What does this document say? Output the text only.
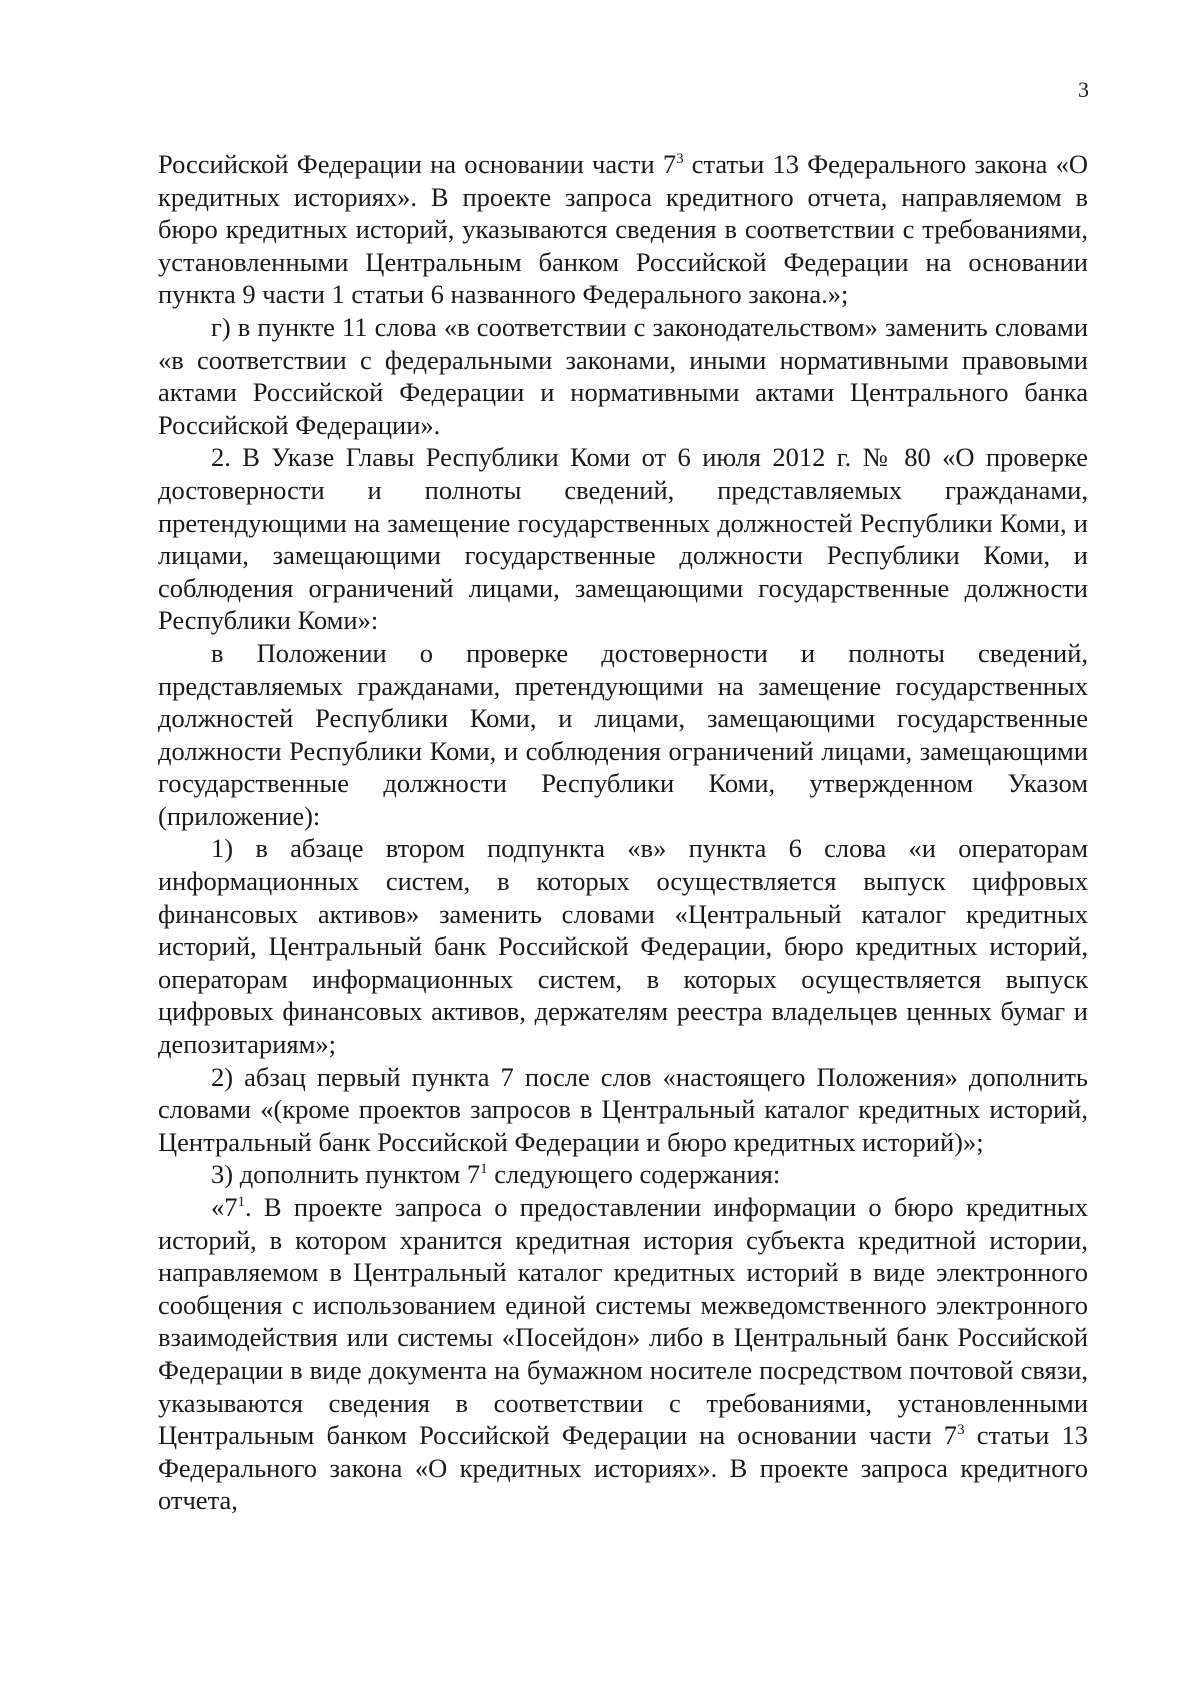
3

Российской Федерации на основании части $7^3$ статьи 13 Федерального закона «О кредитных историях». В проекте запроса кредитного отчета, направляемом в бюро кредитных историй, указываются сведения в соответствии с требованиями, установленными Центральным банком Российской Федерации на основании пункта 9 части 1 статьи 6 названного Федерального закона.»;

г) в пункте 11 слова «в соответствии с законодательством» заменить словами «в соответствии с федеральными законами, иными нормативными правовыми актами Российской Федерации и нормативными актами Центрального банка Российской Федерации».

2. В Указе Главы Республики Коми от 6 июля 2012 г. № 80 «О проверке достоверности и полноты сведений, представляемых гражданами, претендующими на замещение государственных должностей Республики Коми, и лицами, замещающими государственные должности Республики Коми, и соблюдения ограничений лицами, замещающими государственные должности Республики Коми»:

в Положении о проверке достоверности и полноты сведений, представляемых гражданами, претендующими на замещение государственных должностей Республики Коми, и лицами, замещающими государственные должности Республики Коми, и соблюдения ограничений лицами, замещающими государственные должности Республики Коми, утвержденном Указом (приложение):

1) в абзаце втором подпункта «в» пункта 6 слова «и операторам информационных систем, в которых осуществляется выпуск цифровых финансовых активов» заменить словами «Центральный каталог кредитных историй, Центральный банк Российской Федерации, бюро кредитных историй, операторам информационных систем, в которых осуществляется выпуск цифровых финансовых активов, держателям реестра владельцев ценных бумаг и депозитариям»;

2) абзац первый пункта 7 после слов «настоящего Положения» дополнить словами «(кроме проектов запросов в Центральный каталог кредитных историй, Центральный банк Российской Федерации и бюро кредитных историй)»;

3) дополнить пунктом $7^1$ следующего содержания:

«$7^1$. В проекте запроса о предоставлении информации о бюро кредитных историй, в котором хранится кредитная история субъекта кредитной истории, направляемом в Центральный каталог кредитных историй в виде электронного сообщения с использованием единой системы межведомственного электронного взаимодействия или системы «Посейдон» либо в Центральный банк Российской Федерации в виде документа на бумажном носителе посредством почтовой связи, указываются сведения в соответствии с требованиями, установленными Центральным банком Российской Федерации на основании части $7^3$ статьи 13 Федерального закона «О кредитных историях». В проекте запроса кредитного отчета,
